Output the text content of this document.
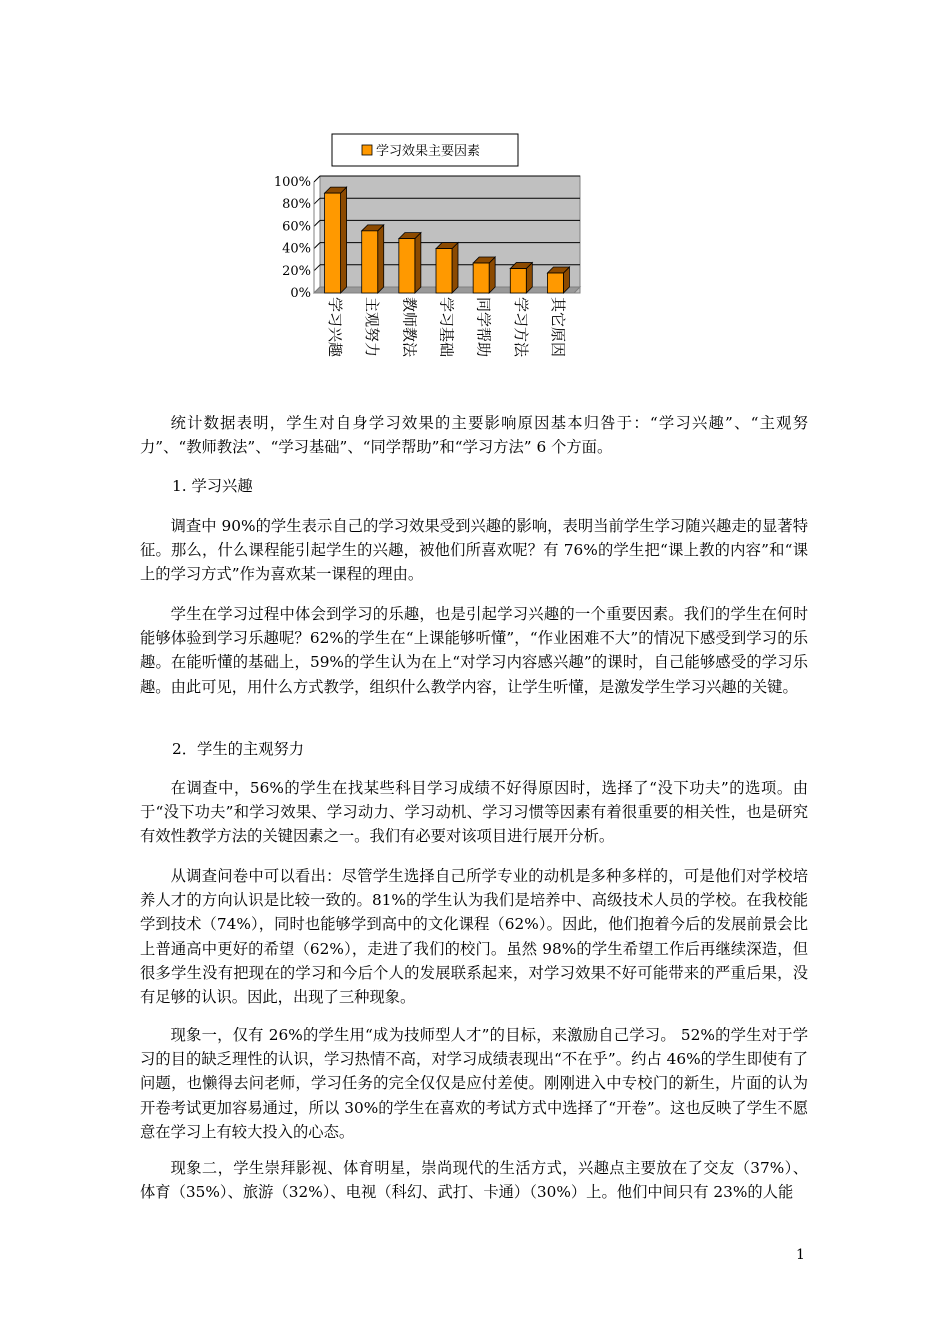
100%
80%
60%
40%
20%
0%
学习兴趣 主观努力 教师教法 学习基础 同学帮助 学习方法 其它原因
学习效果主要因素

统计数据表明，学生对自身学习效果的主要影响原因基本归咎于：“学习兴趣”、“主观努力”、“教师教法”、“学习基础”、“同学帮助”和“学习方法” 6 个方面。

1. 学习兴趣

调查中 90%的学生表示自己的学习效果受到兴趣的影响，表明当前学生学习随兴趣走的显著特征。那么，什么课程能引起学生的兴趣，被他们所喜欢呢？有 76%的学生把“课上教的内容”和“课上的学习方式”作为喜欢某一课程的理由。

学生在学习过程中体会到学习的乐趣，也是引起学习兴趣的一个重要因素。我们的学生在何时能够体验到学习乐趣呢？62%的学生在“上课能够听懂”，“作业困难不大”的情况下感受到学习的乐趣。在能听懂的基础上，59%的学生认为在上“对学习内容感兴趣”的课时，自己能够感受的学习乐趣。由此可见，用什么方式教学，组织什么教学内容，让学生听懂，是激发学生学习兴趣的关键。

2．学生的主观努力

在调查中，56%的学生在找某些科目学习成绩不好得原因时，选择了“没下功夫”的选项。由于“没下功夫”和学习效果、学习动力、学习动机、学习习惯等因素有着很重要的相关性，也是研究有效性教学方法的关键因素之一。我们有必要对该项目进行展开分析。

从调查问卷中可以看出：尽管学生选择自己所学专业的动机是多种多样的，可是他们对学校培养人才的方向认识是比较一致的。81%的学生认为我们是培养中、高级技术人员的学校。在我校能学到技术（74%），同时也能够学到高中的文化课程（62%）。因此，他们抱着今后的发展前景会比上普通高中更好的希望（62%），走进了我们的校门。虽然 98%的学生希望工作后再继续深造，但很多学生没有把现在的学习和今后个人的发展联系起来，对学习效果不好可能带来的严重后果，没有足够的认识。因此，出现了三种现象。

现象一，仅有 26%的学生用“成为技师型人才”的目标，来激励自己学习。 52%的学生对于学习的目的缺乏理性的认识，学习热情不高，对学习成绩表现出“不在乎”。约占 46%的学生即使有了问题，也懒得去问老师，学习任务的完全仅仅是应付差使。刚刚进入中专校门的新生，片面的认为开卷考试更加容易通过，所以 30%的学生在喜欢的考试方式中选择了“开卷”。这也反映了学生不愿意在学习上有较大投入的心态。

现象二，学生崇拜影视、体育明星，崇尚现代的生活方式，兴趣点主要放在了交友（37%）、体育（35%）、旅游（32%）、电视（科幻、武打、卡通）（30%）上。他们中间只有 23%的人能

1
